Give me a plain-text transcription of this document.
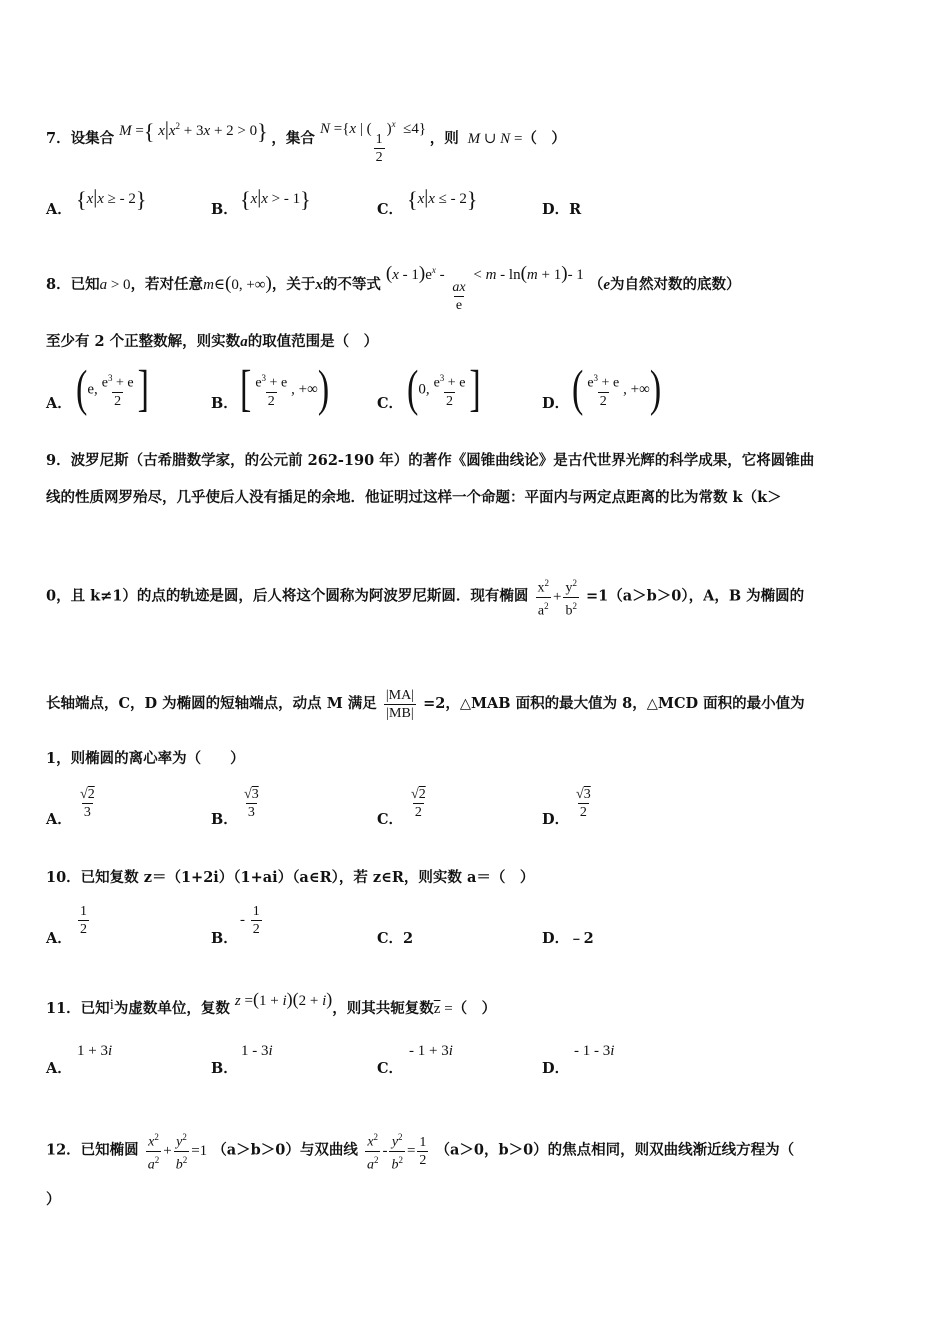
7．设集合 M ={ $x|x^2 + 3x + 2 > 0$} ，集合 N ={x | (
$\frac{1}{2}$
)$^x$  ≤4} ，则 M ∪ N =（　）
A． {x|x ≥ - 2}	B． {x|x > - 1}	C． {x|x ≤ - 2}	D．R
8．已知a > 0，若对任意m∈(0, +∞)，关于x的不等式 $(x - 1)e^x$ -
$\frac{ax}{e}$
< m - ln(m + 1)- 1 （e为自然对数的底数）
至少有 2 个正整数解，则实数a的取值范围是（　）
A． (e, $\frac{e^3 + e}{2}$ ]	B． [ $\frac{e^3 + e}{2}$ , +∞)	C． (0, $\frac{e^3 + e}{2}$ ]	D． ( $\frac{e^3 + e}{2}$ , +∞)
9．波罗尼斯（古希腊数学家，的公元前 262-190 年）的著作《圆锥曲线论》是古代世界光辉的科学成果，它将圆锥曲
线的性质网罗殆尽，几乎使后人没有插足的余地．他证明过这样一个命题：平面内与两定点距离的比为常数 k（k＞
0，且 k≠1）的点的轨迹是圆，后人将这个圆称为阿波罗尼斯圆．现有椭圆 $\frac{x^2}{a^2} + \frac{y^2}{b^2} =1(a>b>0)$，A，B 为椭圆的
长轴端点，C，D 为椭圆的短轴端点，动点 M 满足 $\frac{|MA|}{|MB|} =2$，△MAB 面积的最大值为 8，△MCD 面积的最小值为
1，则椭圆的离心率为（　　）
A． $\frac{√2}{3}$	B． $\frac{√3}{3}$	C． $\frac{√2}{2}$	D． $\frac{√3}{2}$
10．已知复数 z＝（1+2i）（1+ai）（a∈R），若 z∈R，则实数 a＝（　）
A．
$\frac{1}{2}$
B．
- $\frac{1}{2}$
C．2	D．﹣2
11．已知i为虚数单位，复数 z =(1 + i)(2 + i)，则其共轭复数$\overline{z}$ =（　）
A．
1 + 3i
B．
1 - 3i
C．
- 1 + 3i
D．
- 1 - 3i
12．已知椭圆 $\frac{x^2}{a^2} + \frac{y^2}{b^2} =1$ （a＞b＞0）与双曲线 $\frac{x^2}{a^2} - \frac{y^2}{b^2} = \frac{1}{2} (a>0$，b＞0）的焦点相同，则双曲线渐近线方程为（
）
